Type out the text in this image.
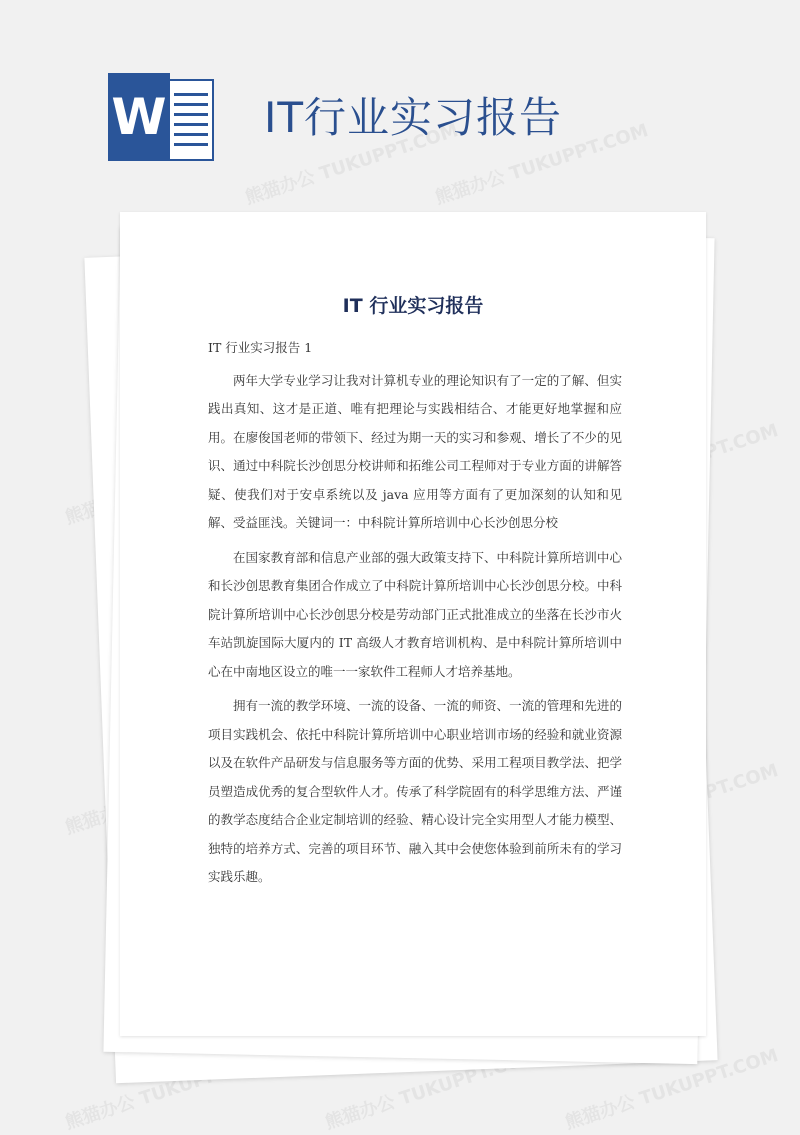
W IT行业实习报告
熊猫办公 TUKUPPT.COM
熊猫办公 TUKUPPT.COM
熊猫办公	TUKUPPT.COM
熊猫办公 TUKUPPT.COM 熊猫办公 TUKUPPT.COM 熊猫办公 TUKUPPT.COM
IT 行业实习报告

IT 行业实习报告 1

两年大学专业学习让我对计算机专业的理论知识有了一定的了解、但实践出真知、这才是正道、唯有把理论与实践相结合、才能更好地掌握和应用。在廖俊国老师的带领下、经过为期一天的实习和参观、增长了不少的见识、通过中科院长沙创思分校讲师和拓维公司工程师对于专业方面的讲解答疑、使我们对于安卓系统以及 java 应用等方面有了更加深刻的认知和见解、受益匪浅。关键词一：中科院计算所培训中心长沙创思分校

在国家教育部和信息产业部的强大政策支持下、中科院计算所培训中心和长沙创思教育集团合作成立了中科院计算所培训中心长沙创思分校。中科院计算所培训中心长沙创思分校是劳动部门正式批准成立的坐落在长沙市火车站凯旋国际大厦内的 IT 高级人才教育培训机构、是中科院计算所培训中心在中南地区设立的唯一一家软件工程师人才培养基地。

拥有一流的教学环境、一流的设备、一流的师资、一流的管理和先进的项目实践机会、依托中科院计算所培训中心职业培训市场的经验和就业资源以及在软件产品研发与信息服务等方面的优势、采用工程项目教学法、把学员塑造成优秀的复合型软件人才。传承了科学院固有的科学思维方法、严谨的教学态度结合企业定制培训的经验、精心设计完全实用型人才能力模型、独特的培养方式、完善的项目环节、融入其中会使您体验到前所未有的学习实践乐趣。
